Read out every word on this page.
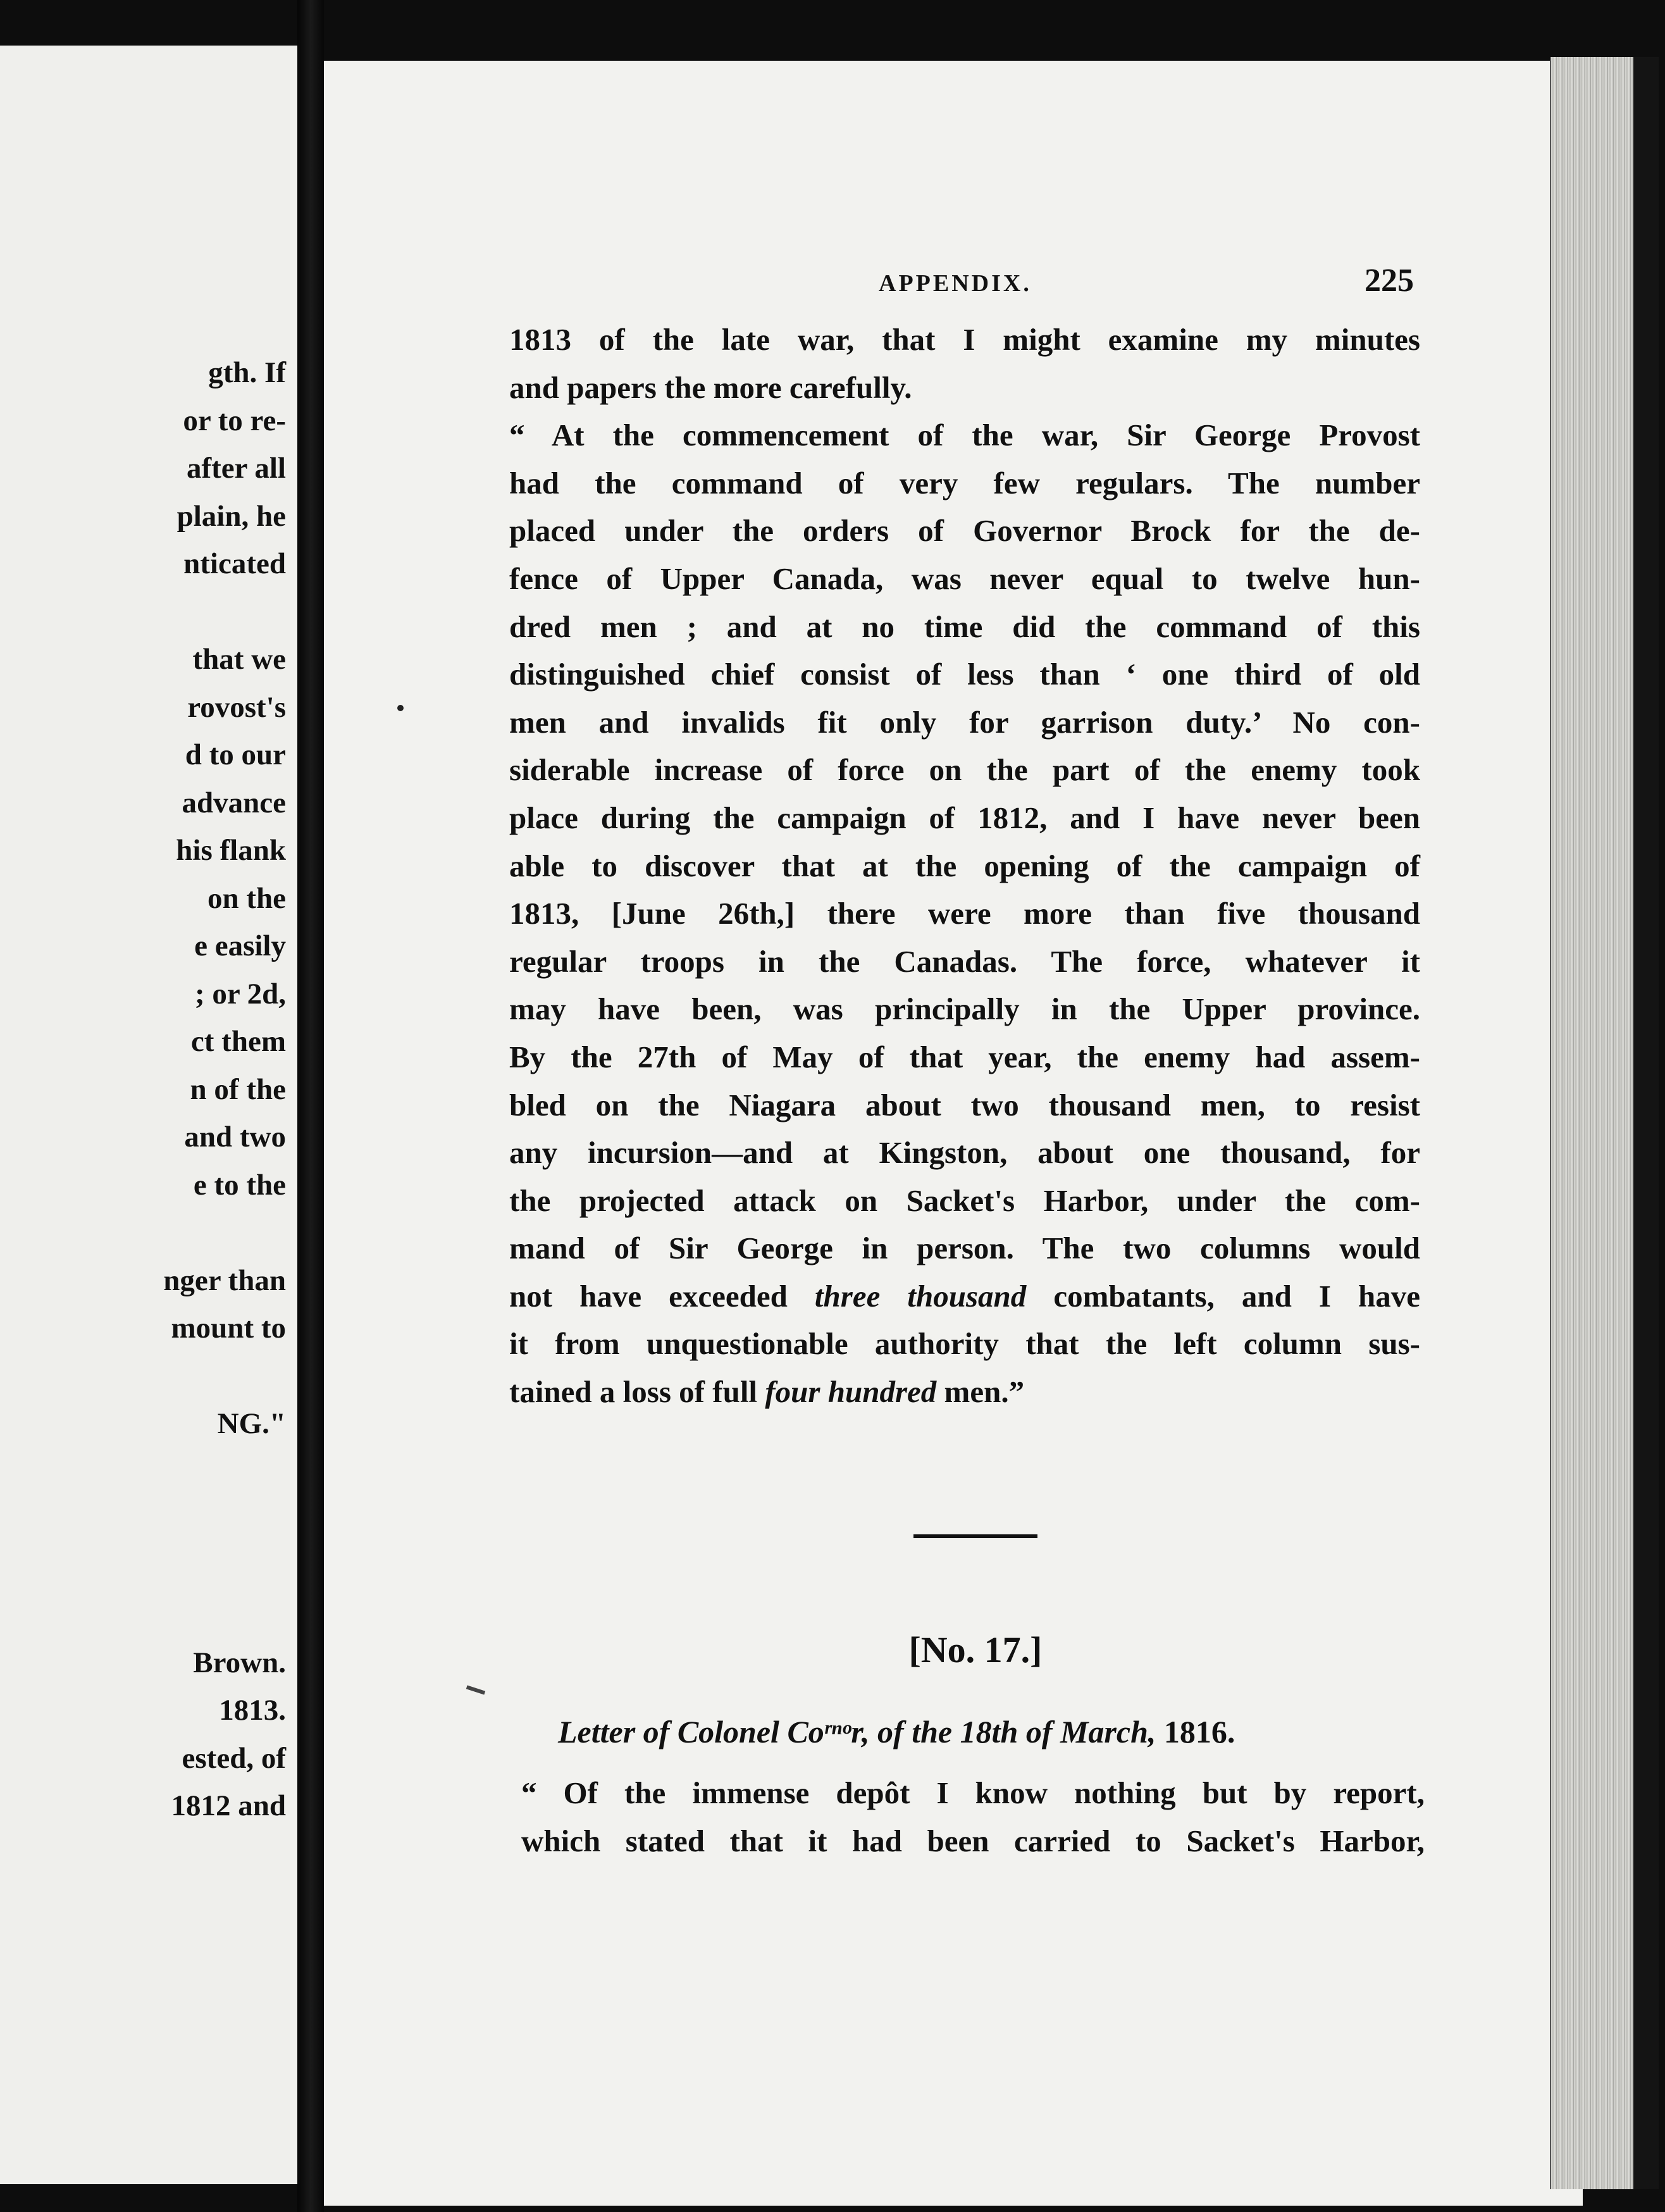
gth. If
or to re-
after all
plain, he
nticated
that we
rovost's
d to our
advance
his flank
on the
e easily
; or 2d,
ct them
n of the
and two
e to the
nger than
mount to
NG."
Brown.
1813.
ested, of
1812 and
APPENDIX.	225
1813 of the late war, that I might examine my minutes
and papers the more carefully.
“ At the commencement of the war, Sir George Provost
had the command of very few regulars. The number
placed under the orders of Governor Brock for the de-
fence of Upper Canada, was never equal to twelve hun-
dred men ; and at no time did the command of this
distinguished chief consist of less than ‘ one third of old
men and invalids fit only for garrison duty.’ No con-
siderable increase of force on the part of the enemy took
place during the campaign of 1812, and I have never been
able to discover that at the opening of the campaign of
1813, [June 26th,] there were more than five thousand
regular troops in the Canadas. The force, whatever it
may have been, was principally in the Upper province.
By the 27th of May of that year, the enemy had assem-
bled on the Niagara about two thousand men, to resist
any incursion—and at Kingston, about one thousand, for
the projected attack on Sacket's Harbor, under the com-
mand of Sir George in person. The two columns would
not have exceeded three thousand combatants, and I have
it from unquestionable authority that the left column sus-
tained a loss of full four hundred men.”
[No. 17.]
Letter of Colonel Coʳⁿᵒr, of the 18th of March, 1816.
“ Of the immense depôt I know nothing but by report,
which stated that it had been carried to Sacket's Harbor,
